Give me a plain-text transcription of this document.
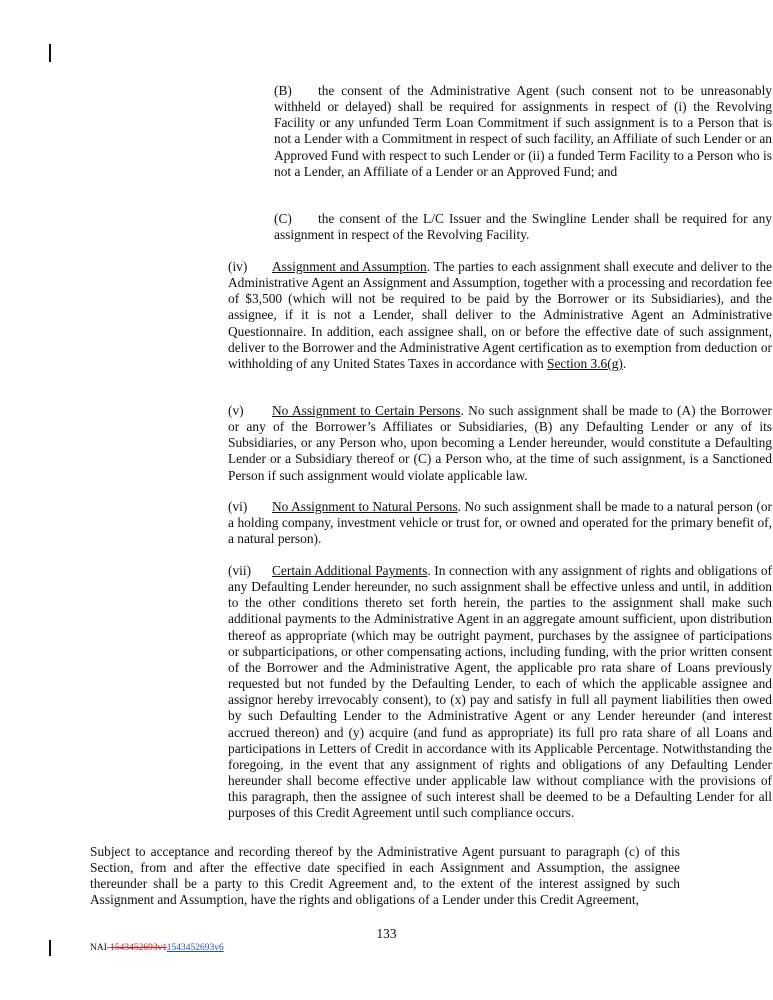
(B) the consent of the Administrative Agent (such consent not to be unreasonably withheld or delayed) shall be required for assignments in respect of (i) the Revolving Facility or any unfunded Term Loan Commitment if such assignment is to a Person that is not a Lender with a Commitment in respect of such facility, an Affiliate of such Lender or an Approved Fund with respect to such Lender or (ii) a funded Term Facility to a Person who is not a Lender, an Affiliate of a Lender or an Approved Fund; and

(C) the consent of the L/C Issuer and the Swingline Lender shall be required for any assignment in respect of the Revolving Facility.

(iv) Assignment and Assumption. The parties to each assignment shall execute and deliver to the Administrative Agent an Assignment and Assumption, together with a processing and recordation fee of $3,500 (which will not be required to be paid by the Borrower or its Subsidiaries), and the assignee, if it is not a Lender, shall deliver to the Administrative Agent an Administrative Questionnaire. In addition, each assignee shall, on or before the effective date of such assignment, deliver to the Borrower and the Administrative Agent certification as to exemption from deduction or withholding of any United States Taxes in accordance with Section 3.6(g).

(v) No Assignment to Certain Persons. No such assignment shall be made to (A) the Borrower or any of the Borrower’s Affiliates or Subsidiaries, (B) any Defaulting Lender or any of its Subsidiaries, or any Person who, upon becoming a Lender hereunder, would constitute a Defaulting Lender or a Subsidiary thereof or (C) a Person who, at the time of such assignment, is a Sanctioned Person if such assignment would violate applicable law.

(vi) No Assignment to Natural Persons. No such assignment shall be made to a natural person (or a holding company, investment vehicle or trust for, or owned and operated for the primary benefit of, a natural person).

(vii) Certain Additional Payments. In connection with any assignment of rights and obligations of any Defaulting Lender hereunder, no such assignment shall be effective unless and until, in addition to the other conditions thereto set forth herein, the parties to the assignment shall make such additional payments to the Administrative Agent in an aggregate amount sufficient, upon distribution thereof as appropriate (which may be outright payment, purchases by the assignee of participations or subparticipations, or other compensating actions, including funding, with the prior written consent of the Borrower and the Administrative Agent, the applicable pro rata share of Loans previously requested but not funded by the Defaulting Lender, to each of which the applicable assignee and assignor hereby irrevocably consent), to (x) pay and satisfy in full all payment liabilities then owed by such Defaulting Lender to the Administrative Agent or any Lender hereunder (and interest accrued thereon) and (y) acquire (and fund as appropriate) its full pro rata share of all Loans and participations in Letters of Credit in accordance with its Applicable Percentage. Notwithstanding the foregoing, in the event that any assignment of rights and obligations of any Defaulting Lender hereunder shall become effective under applicable law without compliance with the provisions of this paragraph, then the assignee of such interest shall be deemed to be a Defaulting Lender for all purposes of this Credit Agreement until such compliance occurs.

Subject to acceptance and recording thereof by the Administrative Agent pursuant to paragraph (c) of this Section, from and after the effective date specified in each Assignment and Assumption, the assignee thereunder shall be a party to this Credit Agreement and, to the extent of the interest assigned by such Assignment and Assumption, have the rights and obligations of a Lender under this Credit Agreement,

133
NAI-1543452693v11543452693v6
